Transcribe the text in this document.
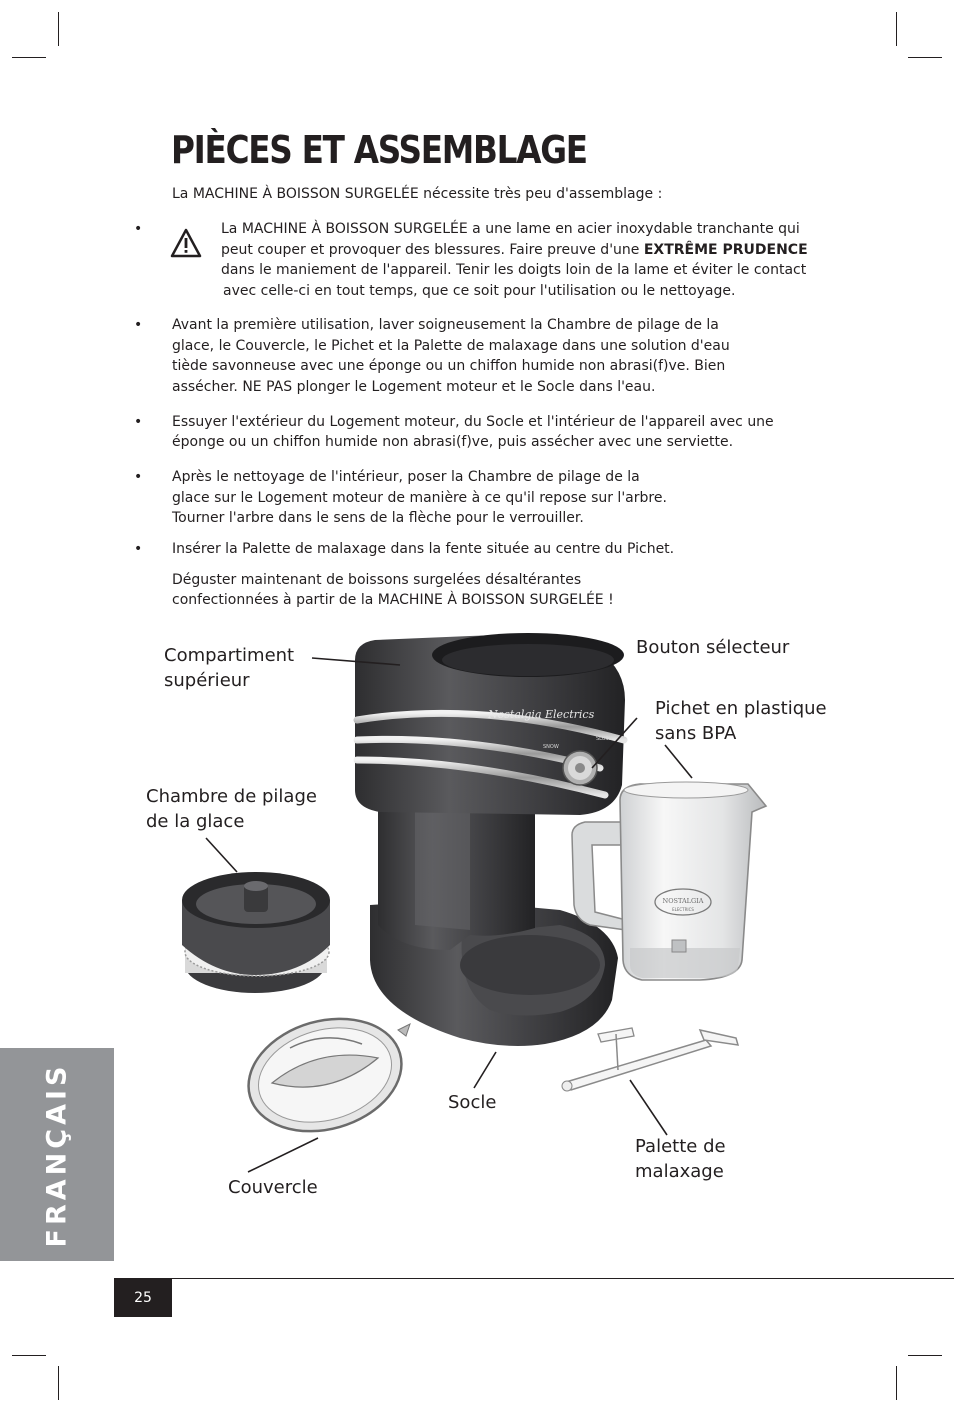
PIÈCES ET ASSEMBLAGE
La MACHINE À BOISSON SURGELÉE nécessite très peu d'assemblage :
•	La MACHINE À BOISSON SURGELÉE a une lame en acier inoxydable tranchante qui
peut couper et provoquer des blessures. Faire preuve d'une EXTRÊME PRUDENCE
dans le maniement de l'appareil. Tenir les doigts loin de la lame et éviter le contact
avec celle-ci en tout temps, que ce soit pour l'utilisation ou le nettoyage.
• Avant la première utilisation, laver soigneusement la Chambre de pilage de la
glace, le Couvercle, le Pichet et la Palette de malaxage dans une solution d'eau
tiède savonneuse avec une éponge ou un chiffon humide non abrasi(f)ve. Bien
assécher. NE PAS plonger le Logement moteur et le Socle dans l'eau.
• Essuyer l'extérieur du Logement moteur, du Socle et l'intérieur de l'appareil avec une
éponge ou un chiffon humide non abrasi(f)ve, puis assécher avec une serviette.
• Après le nettoyage de l'intérieur, poser la Chambre de pilage de la
glace sur le Logement moteur de manière à ce qu'il repose sur l'arbre.
Tourner l'arbre dans le sens de la flèche pour le verrouiller.
• Insérer la Palette de malaxage dans la fente située au centre du Pichet.
Déguster maintenant de boissons surgelées désaltérantes
confectionnées à partir de la MACHINE À BOISSON SURGELÉE !
Nostalgia Electrics
SNOW
SLUSH
NOSTALGIA
ELECTRICS
Compartiment
supérieur
Bouton sélecteur
Pichet en plastique
sans BPA
Chambre de pilage
de la glace
Socle
Couvercle
Palette de
malaxage
FRANÇAIS
25
